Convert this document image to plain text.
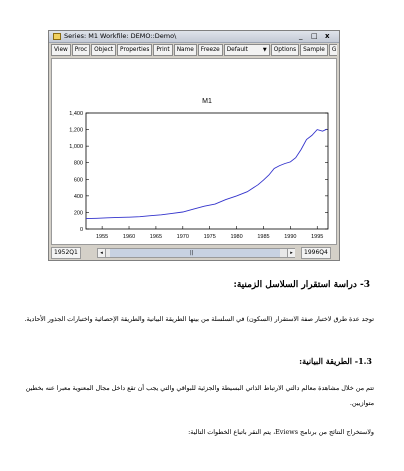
Series: M1 Workfile: DEMO::Demo\	_ □ x
View Proc Object Properties Print Name Freeze Default	▼ Options Sample G
M1
0
200
400
600
800
1,000
1,200
1,400
1955	1960	1965	1970	1975	1980	1985	1990	1995
1952Q1	◂	||	▸	1996Q4
3- دراسة استقرار السلاسل الزمنية:
توجد عدة طرق لاختبار صفة الاستقرار (السكون) في السلسلة من بينها الطريقة البيانية والطريقة الإحصائية واختبارات الجذور الأحادية.
1.3- الطريقة البيانية:
تتم من خلال مشاهدة معالم دالتي الارتباط الذاتي البسيطة والجزئية للبواقي والتي يجب أن تقع داخل مجال المعنوية معبرا عنه بخطين متوازيين.
ولاستخراج النتائج من برنامج Eviews، يتم النقر باتباع الخطوات التالية:
